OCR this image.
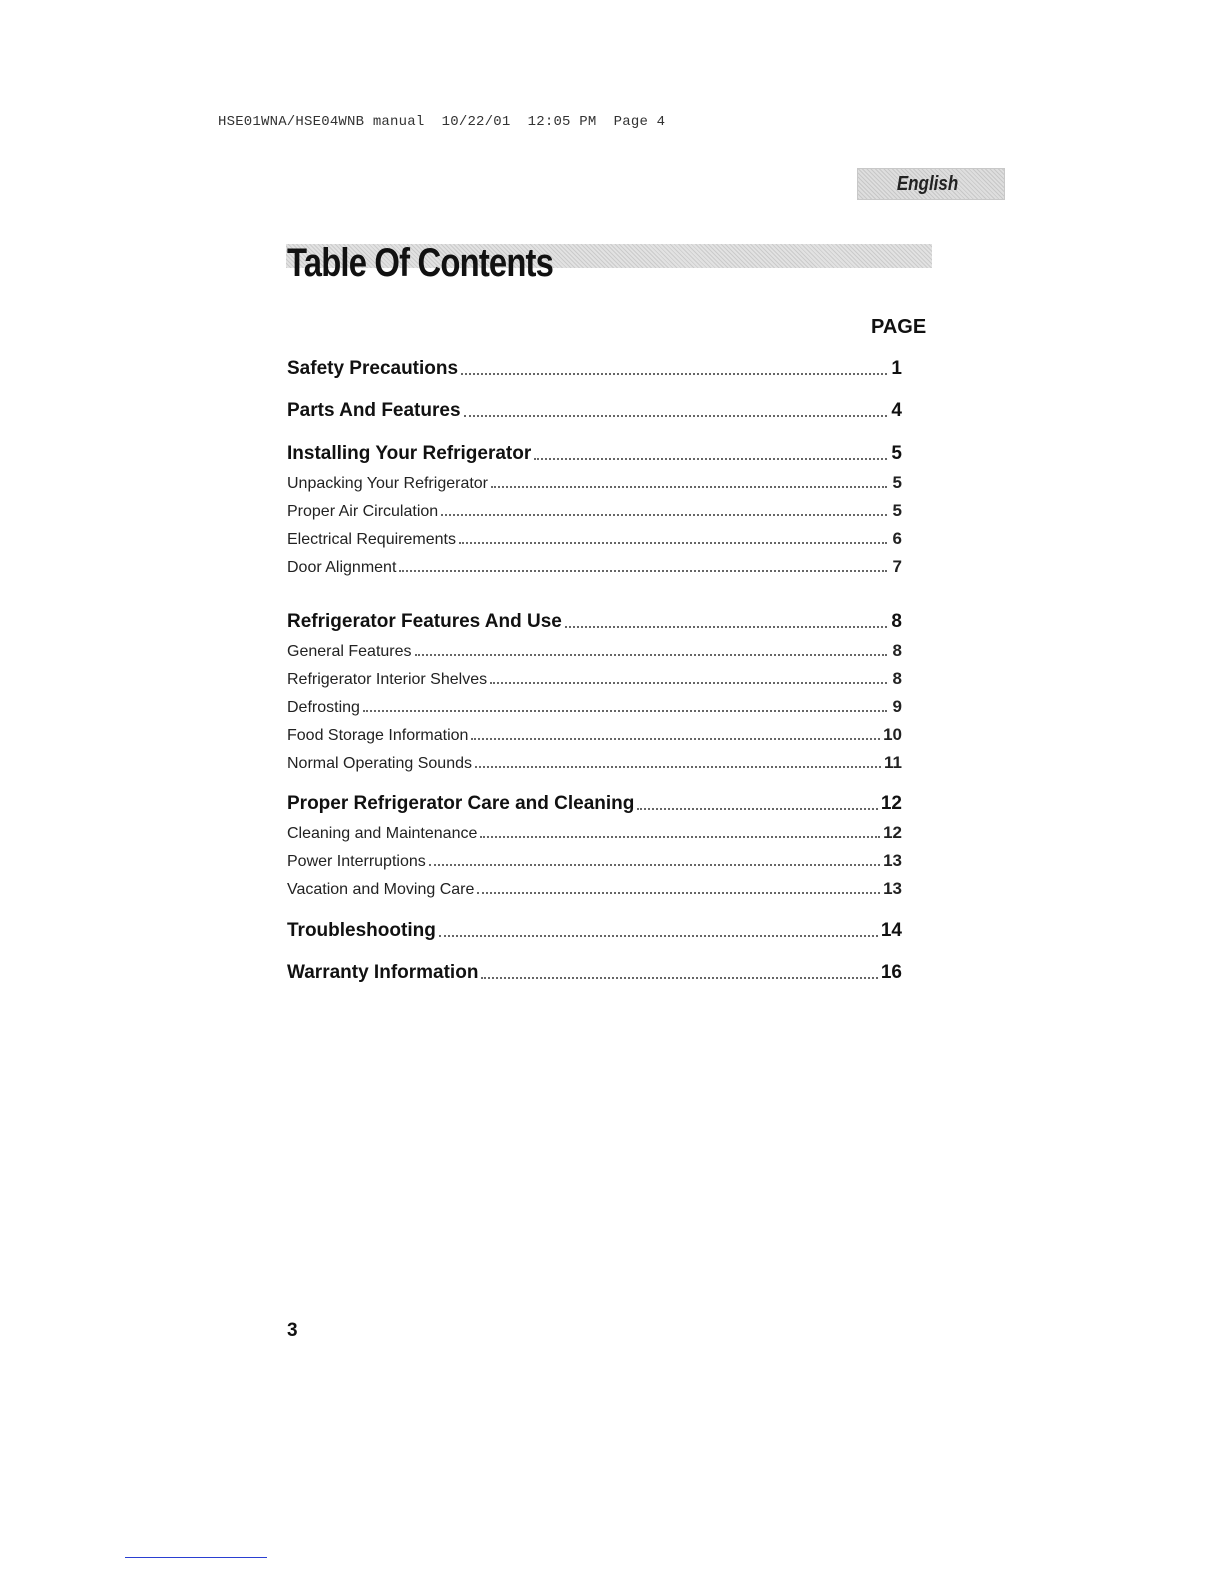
HSE01WNA/HSE04WNB manual  10/22/01  12:05 PM  Page 4
English
Table Of Contents
PAGE
Safety Precautions	1
Parts And Features	4
Installing Your Refrigerator	5
Unpacking Your Refrigerator	5
Proper Air Circulation	5
Electrical Requirements	6
Door Alignment	7
Refrigerator Features And Use	8
General Features	8
Refrigerator Interior Shelves	8
Defrosting	9
Food Storage Information	10
Normal Operating Sounds	11
Proper Refrigerator Care and Cleaning	12
Cleaning and Maintenance	12
Power Interruptions	13
Vacation and Moving Care	13
Troubleshooting	14
Warranty Information	16
3
